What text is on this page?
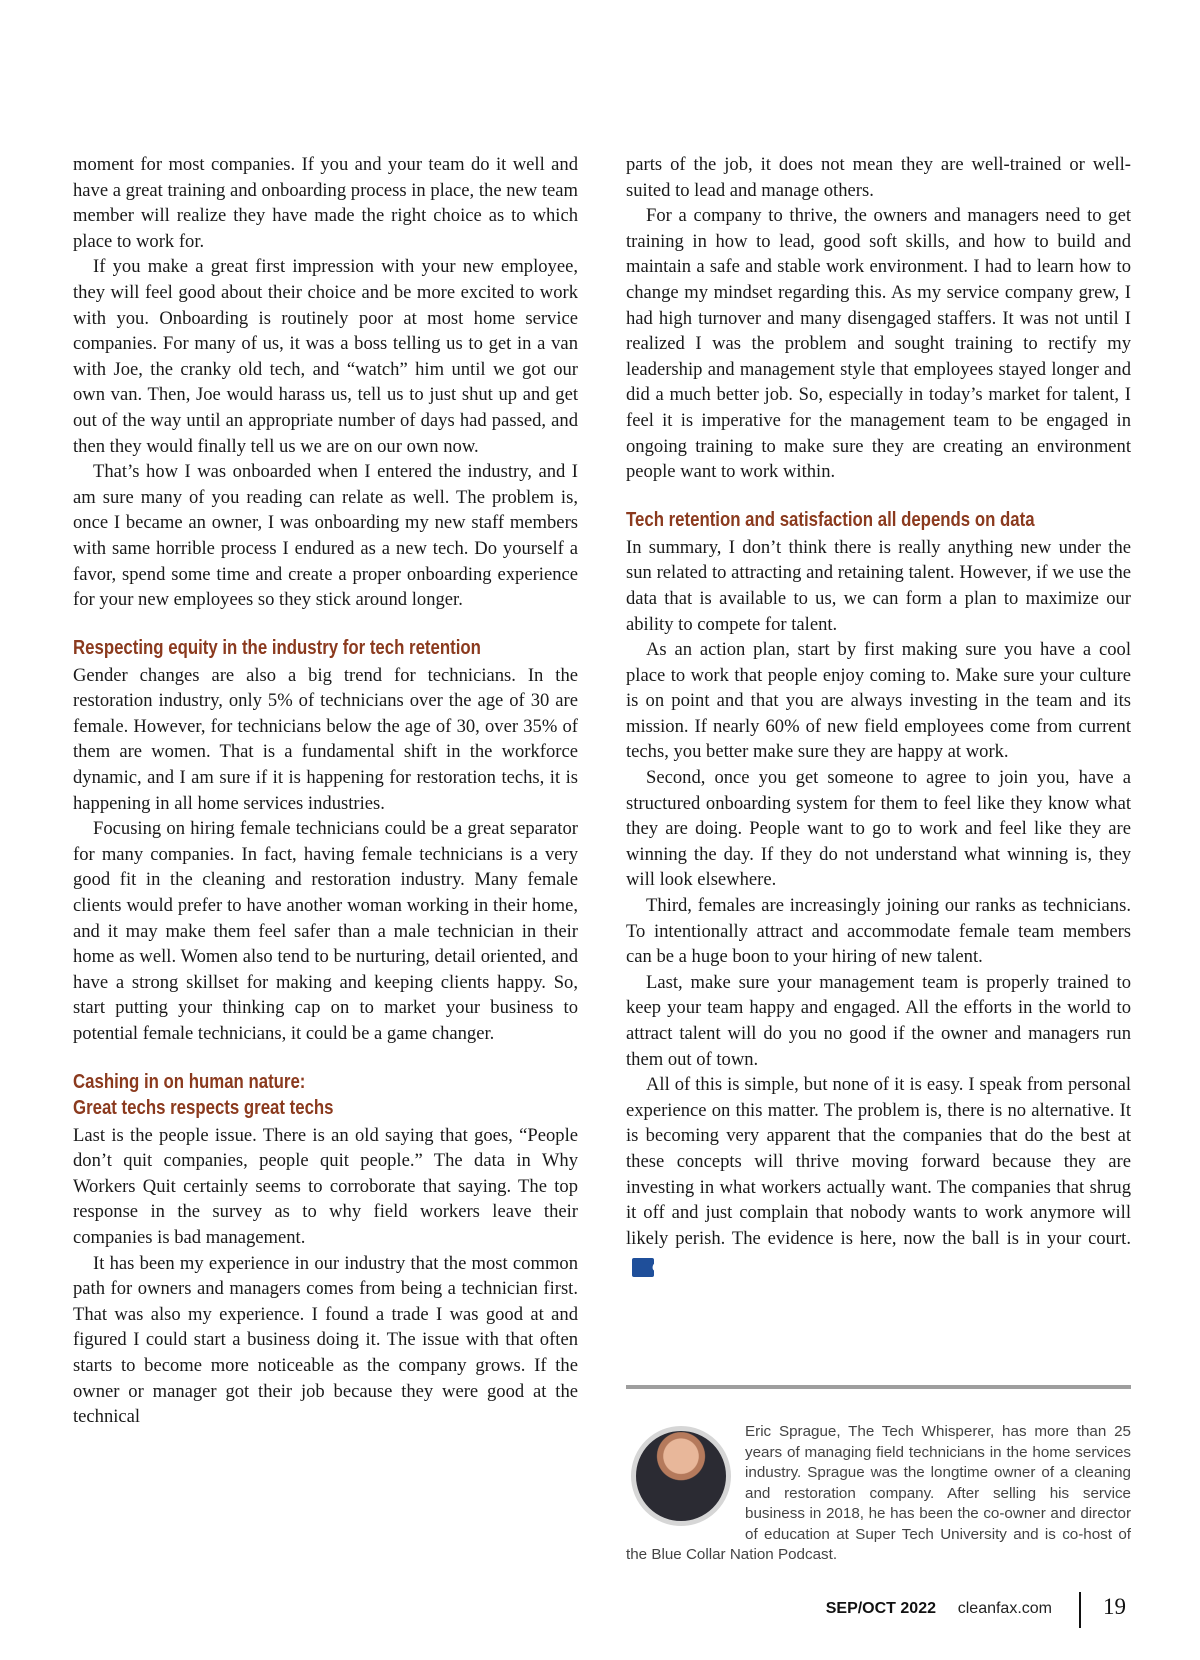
moment for most companies. If you and your team do it well and have a great training and onboarding process in place, the new team member will realize they have made the right choice as to which place to work for.

If you make a great first impression with your new employee, they will feel good about their choice and be more excited to work with you. Onboarding is routinely poor at most home service companies. For many of us, it was a boss telling us to get in a van with Joe, the cranky old tech, and “watch” him until we got our own van. Then, Joe would harass us, tell us to just shut up and get out of the way until an appropriate number of days had passed, and then they would finally tell us we are on our own now.

That’s how I was onboarded when I entered the industry, and I am sure many of you reading can relate as well. The problem is, once I became an owner, I was onboarding my new staff members with same horrible process I endured as a new tech. Do yourself a favor, spend some time and create a proper onboarding experience for your new employees so they stick around longer.

Respecting equity in the industry for tech retention

Gender changes are also a big trend for technicians. In the restoration industry, only 5% of technicians over the age of 30 are female. However, for technicians below the age of 30, over 35% of them are women. That is a fundamental shift in the workforce dynamic, and I am sure if it is happening for restoration techs, it is happening in all home services industries.

Focusing on hiring female technicians could be a great separator for many companies. In fact, having female technicians is a very good fit in the cleaning and restoration industry. Many female clients would prefer to have another woman working in their home, and it may make them feel safer than a male technician in their home as well. Women also tend to be nurturing, detail oriented, and have a strong skillset for making and keeping clients happy. So, start putting your thinking cap on to market your business to potential female technicians, it could be a game changer.

Cashing in on human nature:
Great techs respects great techs

Last is the people issue. There is an old saying that goes, “People don’t quit companies, people quit people.” The data in Why Workers Quit certainly seems to corroborate that saying. The top response in the survey as to why field workers leave their companies is bad management.

It has been my experience in our industry that the most common path for owners and managers comes from being a technician first. That was also my experience. I found a trade I was good at and figured I could start a business doing it. The issue with that often starts to become more noticeable as the company grows. If the owner or manager got their job because they were good at the technical

parts of the job, it does not mean they are well-trained or well-suited to lead and manage others.

For a company to thrive, the owners and managers need to get training in how to lead, good soft skills, and how to build and maintain a safe and stable work environment. I had to learn how to change my mindset regarding this. As my service company grew, I had high turnover and many disengaged staffers. It was not until I realized I was the problem and sought training to rectify my leadership and management style that employees stayed longer and did a much better job. So, especially in today’s market for talent, I feel it is imperative for the management team to be engaged in ongoing training to make sure they are creating an environment people want to work within.

Tech retention and satisfaction all depends on data

In summary, I don’t think there is really anything new under the sun related to attracting and retaining talent. However, if we use the data that is available to us, we can form a plan to maximize our ability to compete for talent.

As an action plan, start by first making sure you have a cool place to work that people enjoy coming to. Make sure your culture is on point and that you are always investing in the team and its mission. If nearly 60% of new field employees come from current techs, you better make sure they are happy at work.

Second, once you get someone to agree to join you, have a structured onboarding system for them to feel like they know what they are doing. People want to go to work and feel like they are winning the day. If they do not understand what winning is, they will look elsewhere.

Third, females are increasingly joining our ranks as technicians. To intentionally attract and accommodate female team members can be a huge boon to your hiring of new talent.

Last, make sure your management team is properly trained to keep your team happy and engaged. All the efforts in the world to attract talent will do you no good if the owner and managers run them out of town.

All of this is simple, but none of it is easy. I speak from personal experience on this matter. The problem is, there is no alternative. It is becoming very apparent that the companies that do the best at these concepts will thrive moving forward because they are investing in what workers actually want. The companies that shrug it off and just complain that nobody wants to work anymore will likely perish. The evidence is here, now the ball is in your court.CF

Eric Sprague, The Tech Whisperer, has more than 25 years of managing field technicians in the home services industry. Sprague was the longtime owner of a cleaning and restoration company. After selling his service business in 2018, he has been the co-owner and director of education at Super Tech University and is co-host of the Blue Collar Nation Podcast.

SEP/OCT 2022 cleanfax.com 19
